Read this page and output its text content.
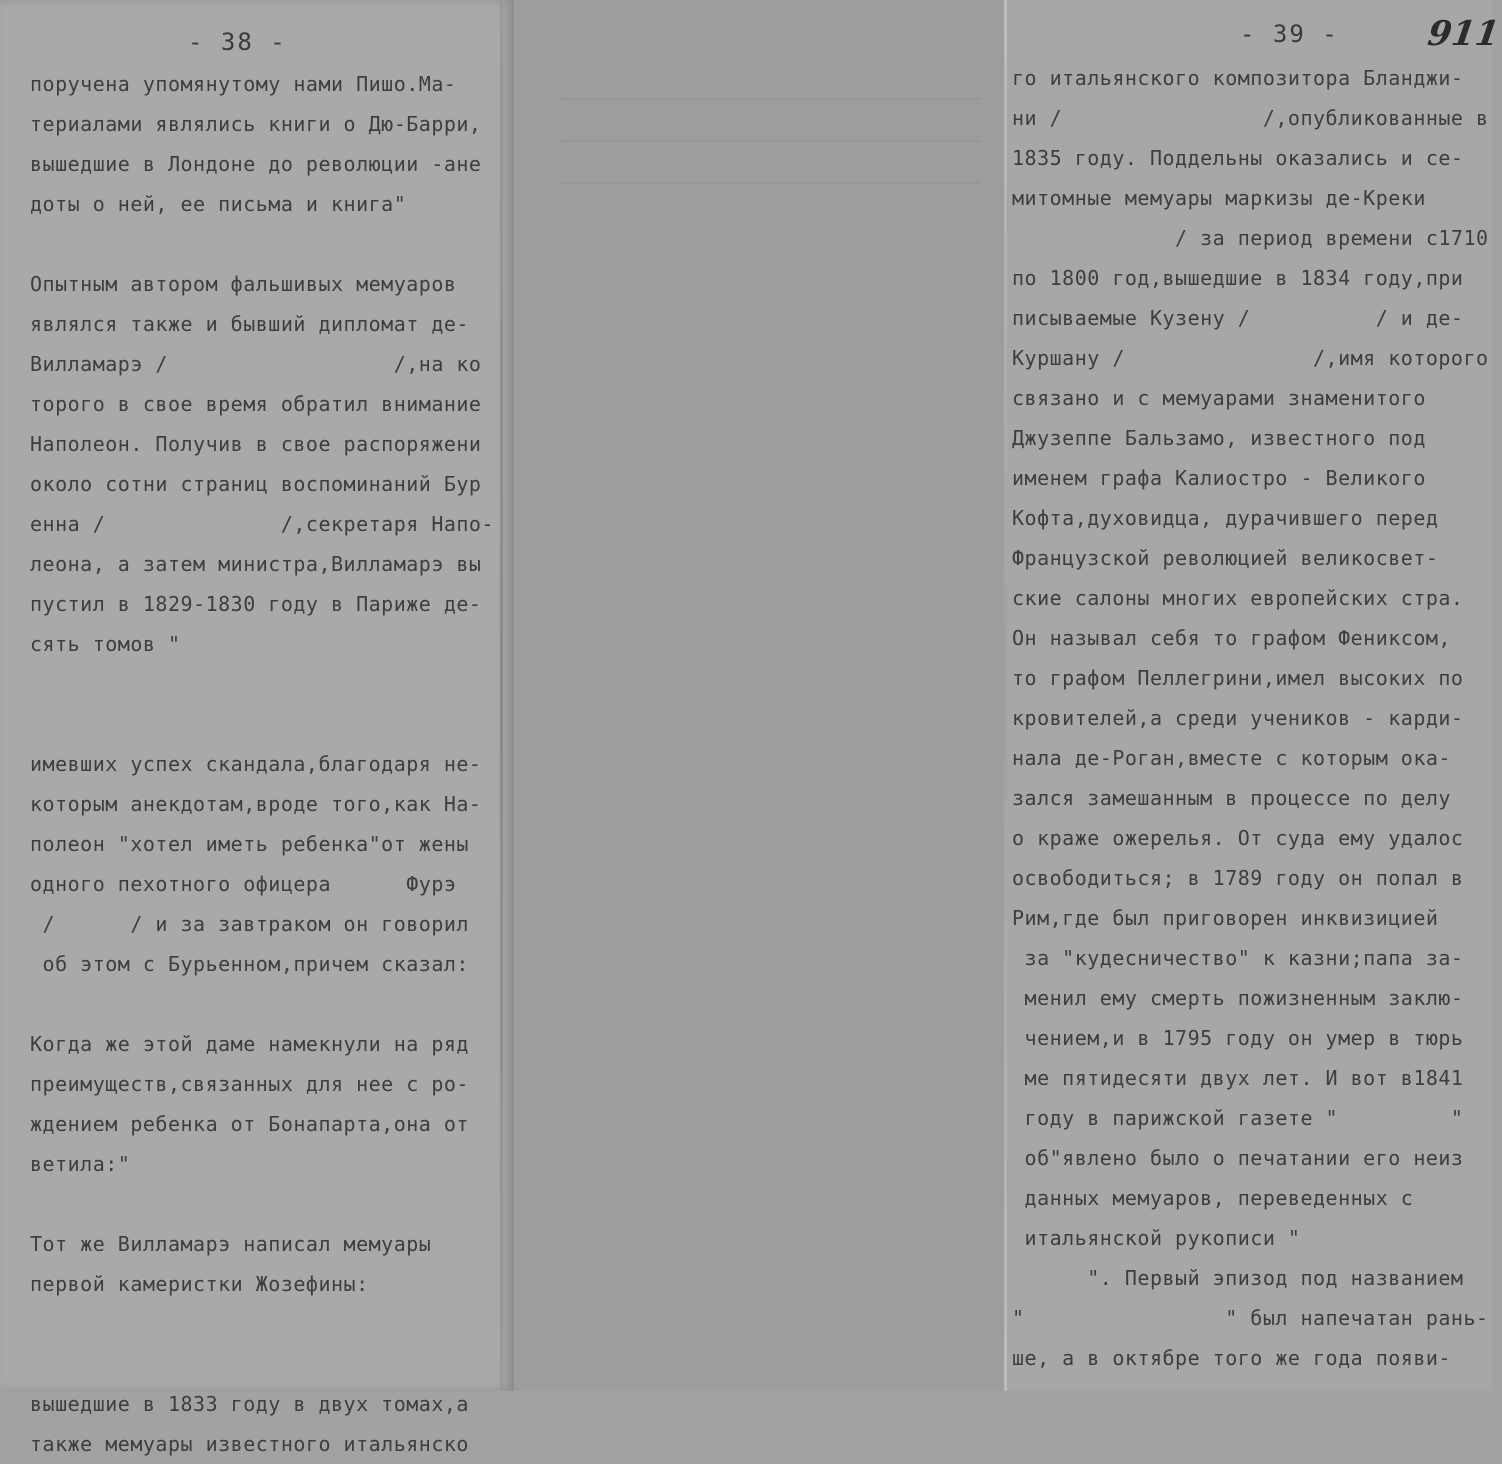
- 38 -	- 39 -	911
поручена упомянутому нами Пишо.Ма-
териалами являлись книги о Дю-Барри,
вышедшие в Лондоне до революции -ане
доты о ней, ее письма и книга"
Опытным автором фальшивых мемуаров
являлся также и бывший дипломат де-
Вилламарэ /                  /,на ко
торого в свое время обратил внимание
Наполеон. Получив в свое распоряжени
около сотни страниц воспоминаний Бур
енна /              /,секретаря Напо-
леона, а затем министра,Вилламарэ вы
пустил в 1829-1830 году в Париже де-
сять томов "
имевших успех скандала,благодаря не-
которым анекдотам,вроде того,как На-
полеон "хотел иметь ребенка"от жены
одного пехотного офицера      Фурэ
/      / и за завтраком он говорил
об этом с Бурьенном,причем сказал:
Когда же этой даме намекнули на ряд
преимуществ,связанных для нее с ро-
ждением ребенка от Бонапарта,она от
ветила:"
Тот же Вилламарэ написал мемуары
первой камеристки Жозефины:
вышедшие в 1833 году в двух томах,а
также мемуары известного итальянско
го итальянского композитора Бланджи-
ни /                /,опубликованные в
1835 году. Поддельны оказались и се-
митомные мемуары маркизы де-Креки
/ за период времени с1710
по 1800 год,вышедшие в 1834 году,при
писываемые Кузену /          / и де-
Куршану /               /,имя которого
связано и с мемуарами знаменитого
Джузеппе Бальзамо, известного под
именем графа Калиостро - Великого
Кофта,духовидца, дурачившего перед
Французской революцией великосвет-
ские салоны многих европейских стра.
Он называл себя то графом Фениксом,
то графом Пеллегрини,имел высоких по
кровителей,а среди учеников - карди-
нала де-Роган,вместе с которым ока-
зался замешанным в процессе по делу
о краже ожерелья. От суда ему удалос
освободиться; в 1789 году он попал в
Рим,где был приговорен инквизицией
за "кудесничество" к казни;папа за-
менил ему смерть пожизненным заклю-
чением,и в 1795 году он умер в тюрь
ме пятидесяти двух лет. И вот в1841
году в парижской газете "         "
об"явлено было о печатании его неиз
данных мемуаров, переведенных с
итальянской рукописи "
". Первый эпизод под названием
"                " был напечатан рань-
ше, а в октябре того же года появи-
